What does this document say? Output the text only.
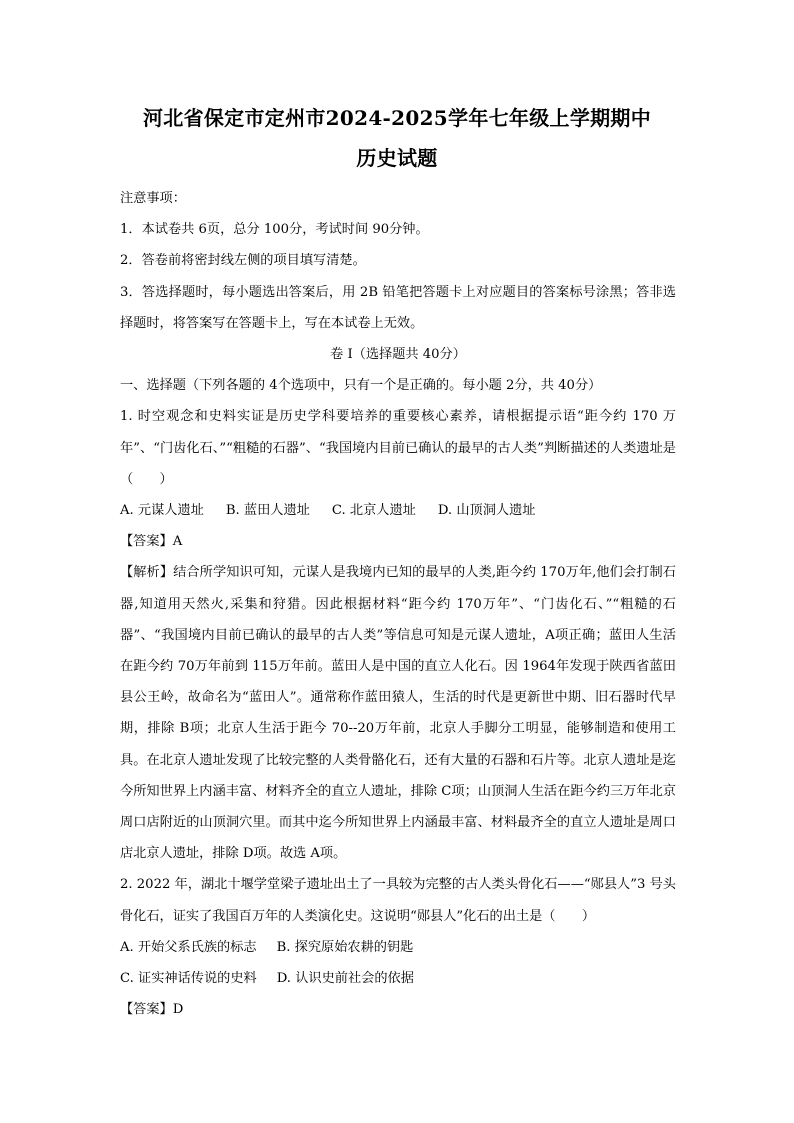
河北省保定市定州市2024-2025学年七年级上学期期中
历史试题

注意事项：

1．本试卷共 6页，总分 100分，考试时间 90分钟。

2．答卷前将密封线左侧的项目填写清楚。

3．答选择题时，每小题选出答案后，用 2B 铅笔把答题卡上对应题目的答案标号涂黑；答非选择题时，将答案写在答题卡上，写在本试卷上无效。

卷 I（选择题共 40分）

一、选择题（下列各题的 4个选项中，只有一个是正确的。每小题 2分，共 40分）

1. 时空观念和史料实证是历史学科要培养的重要核心素养，请根据提示语“距今约 170 万年”、“门齿化石、”“粗糙的石器”、“我国境内目前已确认的最早的古人类”判断描述的人类遗址是（　　）

A. 元谋人遗址 B. 蓝田人遗址 C. 北京人遗址 D. 山顶洞人遗址

【答案】A

【解析】结合所学知识可知，元谋人是我境内已知的最早的人类,距今约 170万年,他们会打制石器,知道用天然火,采集和狩猎。因此根据材料“距今约 170万年”、“门齿化石、”“粗糙的石器”、“我国境内目前已确认的最早的古人类”等信息可知是元谋人遗址，A项正确；蓝田人生活在距今约 70万年前到 115万年前。蓝田人是中国的直立人化石。因 1964年发现于陕西省蓝田县公王岭，故命名为“蓝田人”。通常称作蓝田猿人，生活的时代是更新世中期、旧石器时代早期，排除 B项；北京人生活于距今 70--20万年前，北京人手脚分工明显，能够制造和使用工具。在北京人遗址发现了比较完整的人类骨骼化石，还有大量的石器和石片等。北京人遗址是迄今所知世界上内涵丰富、材料齐全的直立人遗址，排除 C项；山顶洞人生活在距今约三万年北京周口店附近的山顶洞穴里。而其中迄今所知世界上内涵最丰富、材料最齐全的直立人遗址是周口店北京人遗址，排除 D项。故选 A项。

2. 2022 年，湖北十堰学堂梁子遗址出土了一具较为完整的古人类头骨化石——“郧县人”3 号头骨化石，证实了我国百万年的人类演化史。这说明“郧县人”化石的出土是（　　）

A. 开始父系氏族的标志 B. 探究原始农耕的钥匙
C. 证实神话传说的史料 D. 认识史前社会的依据

【答案】D
